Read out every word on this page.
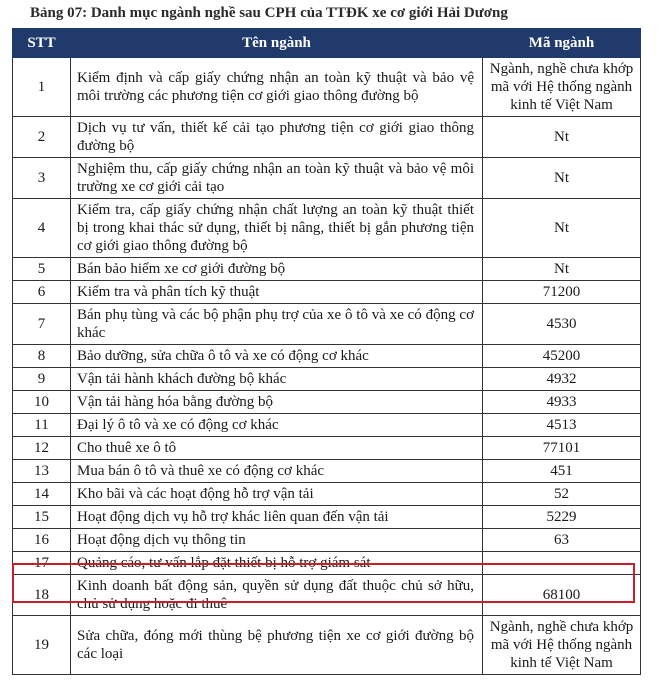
Bảng 07: Danh mục ngành nghề sau CPH của TTĐK xe cơ giới Hải Dương
STT	Tên ngành	Mã ngành
1	Kiểm định và cấp giấy chứng nhận an toàn kỹ thuật và bảo vệ môi trường các phương tiện cơ giới giao thông đường bộ	Ngành, nghề chưa khớp mã với Hệ thống ngành kinh tế Việt Nam
2	Dịch vụ tư vấn, thiết kế cải tạo phương tiện cơ giới giao thông đường bộ	Nt
3	Nghiệm thu, cấp giấy chứng nhận an toàn kỹ thuật và bảo vệ môi trường xe cơ giới cải tạo	Nt
4	Kiểm tra, cấp giấy chứng nhận chất lượng an toàn kỹ thuật thiết bị trong khai thác sử dụng, thiết bị nâng, thiết bị gắn phương tiện cơ giới giao thông đường bộ	Nt
5	Bán bảo hiểm xe cơ giới đường bộ	Nt
6	Kiểm tra và phân tích kỹ thuật	71200
7	Bán phụ tùng và các bộ phận phụ trợ của xe ô tô và xe có động cơ khác	4530
8	Bảo dưỡng, sửa chữa ô tô và xe có động cơ khác	45200
9	Vận tải hành khách đường bộ khác	4932
10	Vận tải hàng hóa bằng đường bộ	4933
11	Đại lý ô tô và xe có động cơ khác	4513
12	Cho thuê xe ô tô	77101
13	Mua bán ô tô và thuê xe có động cơ khác	451
14	Kho bãi và các hoạt động hỗ trợ vận tải	52
15	Hoạt động dịch vụ hỗ trợ khác liên quan đến vận tải	5229
16	Hoạt động dịch vụ thông tin	63
17	Quảng cáo, tư vấn lắp đặt thiết bị hỗ trợ giám sát	
18	Kinh doanh bất động sản, quyền sử dụng đất thuộc chủ sở hữu, chủ sử dụng hoặc đi thuê	68100
19	Sửa chữa, đóng mới thùng bệ phương tiện xe cơ giới đường bộ các loại	Ngành, nghề chưa khớp mã với Hệ thống ngành kinh tế Việt Nam
